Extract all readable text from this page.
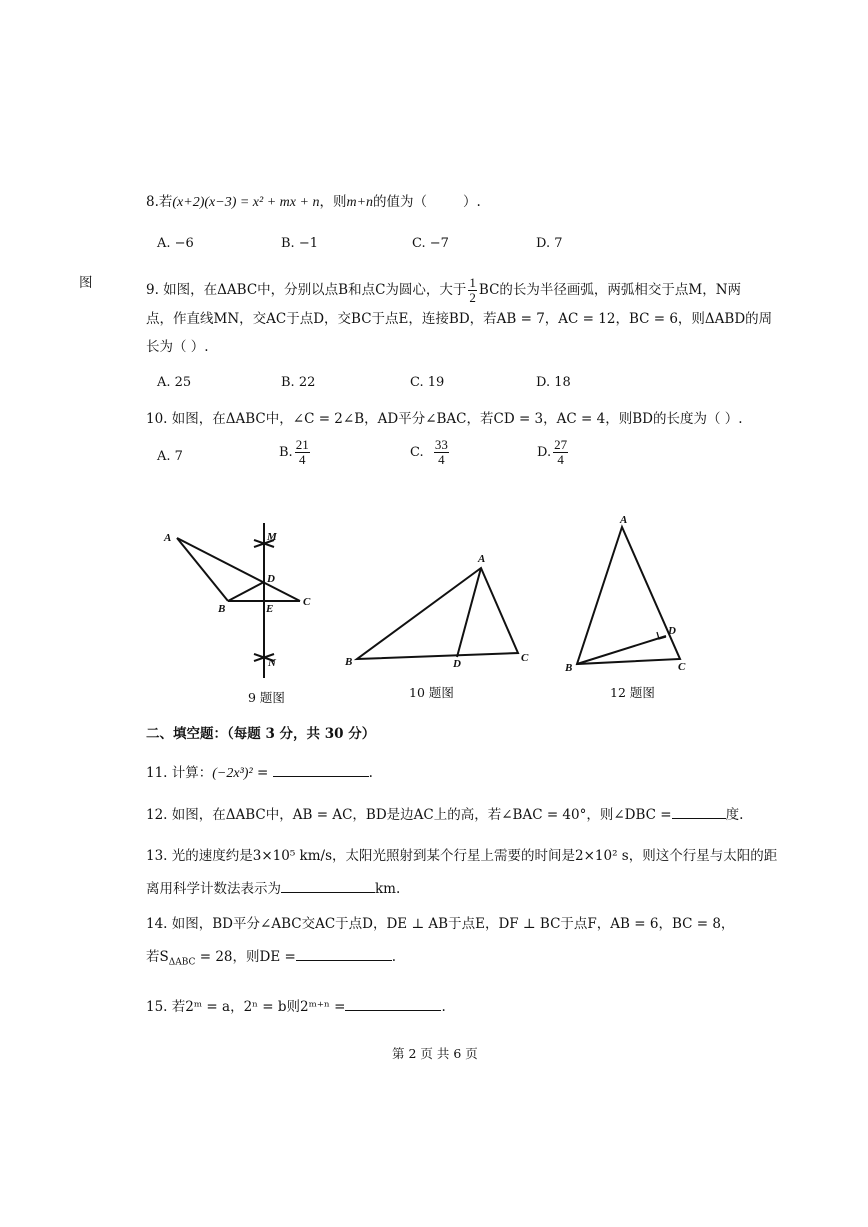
图
8.若(x+2)(x−3) = x² + mx + n，则m+n的值为（	）.
A. −6	B. −1	C. −7	D. 7
9. 如图，在ΔABC中，分别以点B和点C为圆心，大于 $\frac{1}{2}$ BC的长为半径画弧，两弧相交于点M，N两
点，作直线MN，交AC于点D，交BC于点E，连接BD，若AB = 7，AC = 12，BC = 6，则ΔABD的周
长为（ ）.
A. 25	B. 22	C. 19	D. 18
10. 如图，在ΔABC中，∠C = 2∠B，AD平分∠BAC，若CD = 3，AC = 4，则BD的长度为（ ）.
A. 7	B. $\frac{21}{4}$	C. $\frac{33}{4}$	D. $\frac{27}{4}$
A
B
C
D
E
M
N
A
B	C
D
A
B	C
D
9 题图	10 题图	12 题图
二、填空题：（每题 3 分，共 30 分）
11. 计算：(−2x³)² =	.
12. 如图，在ΔABC中，AB = AC，BD是边AC上的高，若∠BAC = 40°，则∠DBC =	度.
13. 光的速度约是3×10⁵ km/s，太阳光照射到某个行星上需要的时间是2×10² s，则这个行星与太阳的距
离用科学计数法表示为	km.
14. 如图，BD平分∠ABC交AC于点D，DE ⊥ AB于点E，DF ⊥ BC于点F，AB = 6，BC = 8，
若$S_{\Delta ABC} = 28$，则DE =	.
15. 若2ᵐ = a，2ⁿ = b则2ᵐ⁺ⁿ =	.
第 2 页 共 6 页
